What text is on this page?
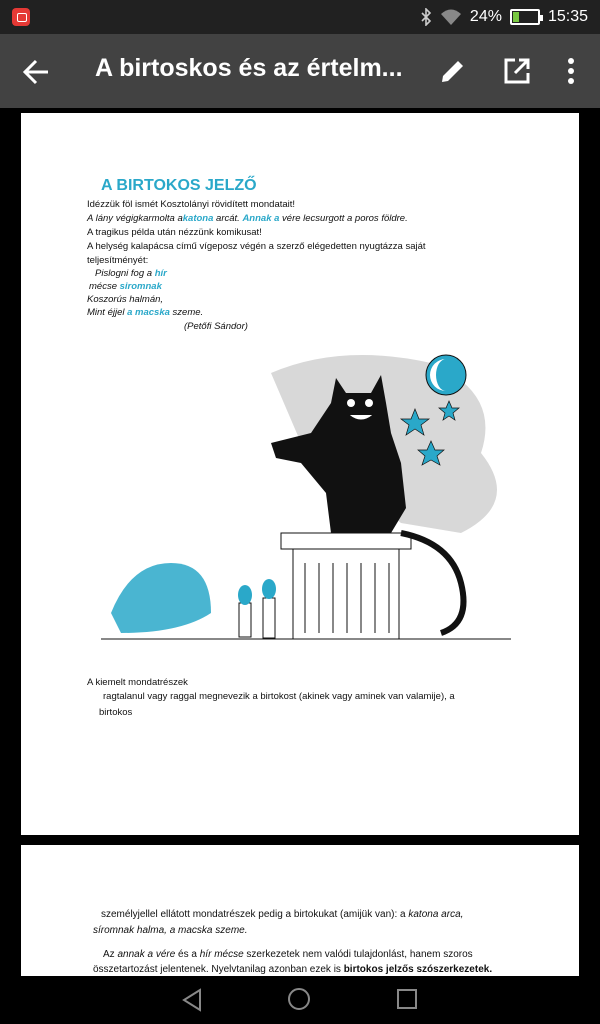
24%	15:35
A birtoskos és az értelm...
A BIRTOKOS JELZŐ
Idézzük föl ismét Kosztolányi rövidített mondatait!
A lány végigkarmolta akatona arcát. Annak a vére lecsurgott a poros földre.
A tragikus példa után nézzünk komikusat!
A helység kalapácsa című vígeposz végén a szerző elégedetten nyugtázza saját
teljesítményét:
Pislogni fog a hír
mécse siromnak
Koszorús halmán,
Mint éjjel a macska szeme.
(Petőfi Sándor)
A kiemelt mondatrészek
ragtalanul vagy raggal megnevezik a birtokost (akinek vagy aminek van valamije), a
birtokos
személyjellel ellátott mondatrészek pedig a birtokukat (amijük van): a katona arca,
síromnak halma, a macska szeme.
Az annak a vére és a hír mécse szerkezetek nem valódi tulajdonlást, hanem szoros
összetartozást jelentenek. Nyelvtanilag azonban ezek is birtokos jelzős szószerkezetek.
